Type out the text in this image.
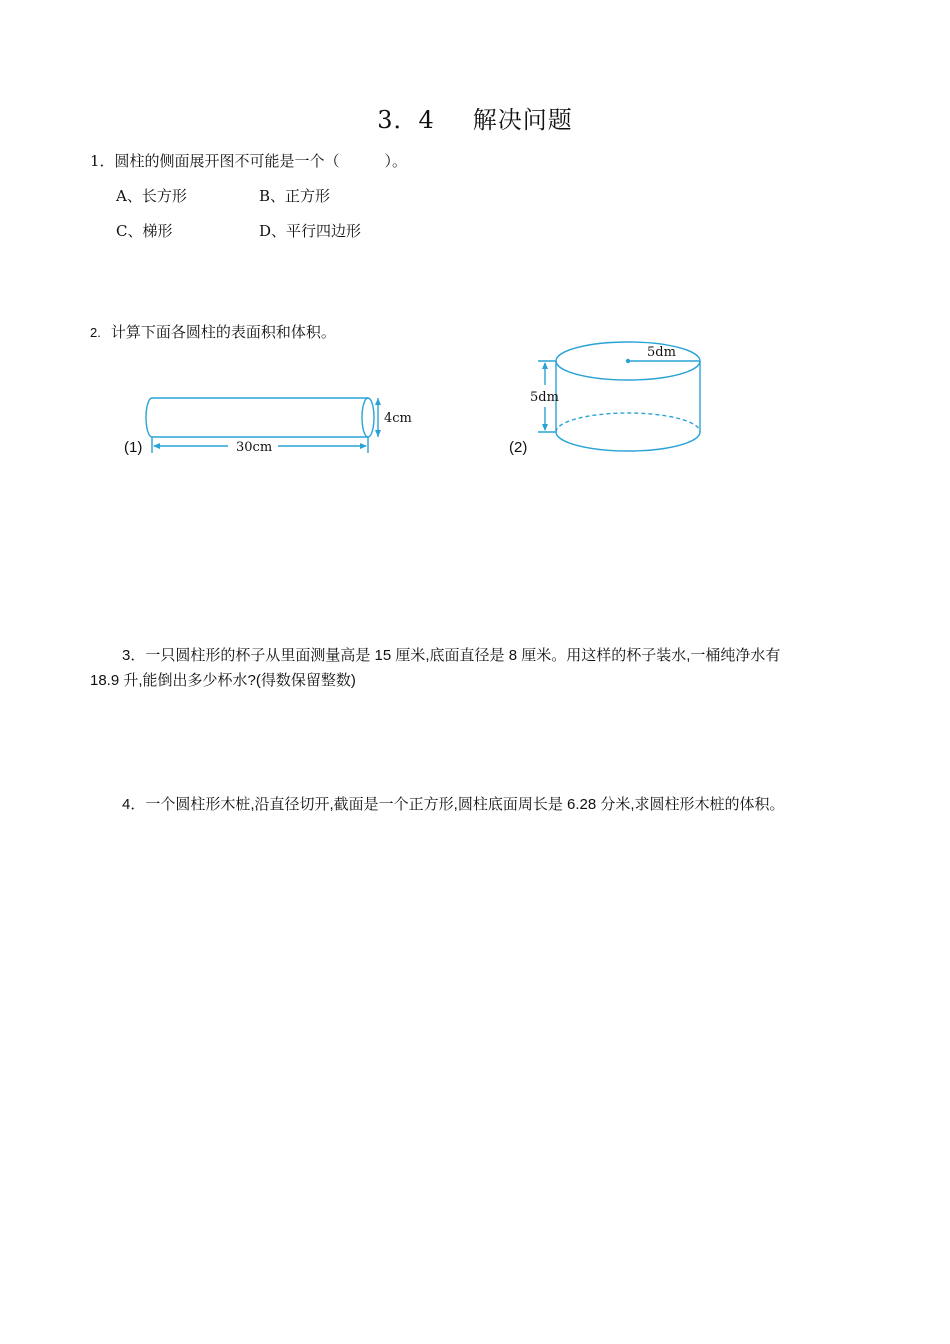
3．4 解决问题
1．圆柱的侧面展开图不可能是一个（　　　）。
A、长方形	B、正方形
C、梯形	D、平行四边形
2. 计算下面各圆柱的表面积和体积。
4cm
30cm
(1)
5dm
5dm
(2)
3．一只圆柱形的杯子从里面测量高是 15 厘米,底面直径是 8 厘米。用这样的杯子装水,一桶纯净水有
18.9 升,能倒出多少杯水?(得数保留整数)
4．一个圆柱形木桩,沿直径切开,截面是一个正方形,圆柱底面周长是 6.28 分米,求圆柱形木桩的体积。
